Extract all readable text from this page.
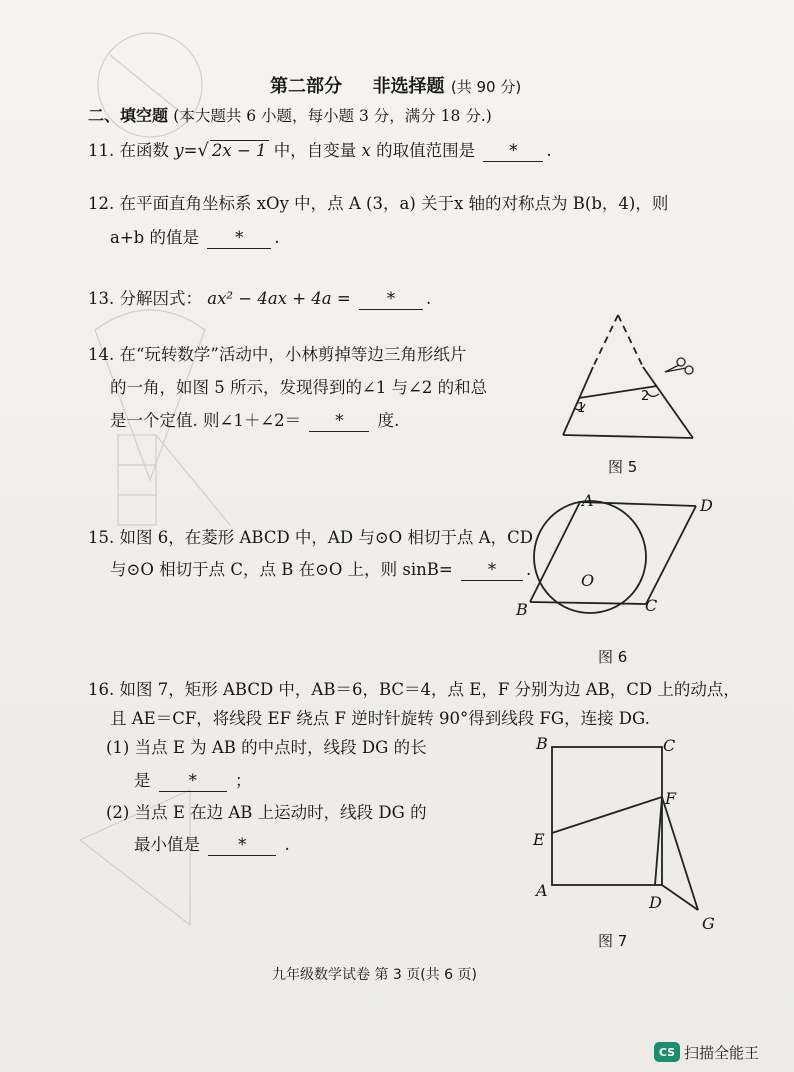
第二部分 非选择题 (共 90 分)
二、填空题 (本大题共 6 小题，每小题 3 分，满分 18 分.)
11. 在函数 y=√ 2x − 1 中，自变量 x 的取值范围是 * .
12. 在平面直角坐标系 xOy 中，点 A (3，a) 关于x 轴的对称点为 B(b，4)，则
a+b 的值是 * .
13. 分解因式： ax² − 4ax + 4a = * .
14. 在“玩转数学”活动中，小林剪掉等边三角形纸片
的一角，如图 5 所示，发现得到的∠1 与∠2 的和总
是一个定值. 则∠1＋∠2＝ * 度.
1
2
图 5
15. 如图 6，在菱形 ABCD 中，AD 与⊙O 相切于点 A，CD
与⊙O 相切于点 C，点 B 在⊙O 上，则 sinB= * .
A	D
O
B	C
图 6
16. 如图 7，矩形 ABCD 中，AB＝6，BC＝4，点 E，F 分别为边 AB，CD 上的动点，
且 AE＝CF，将线段 EF 绕点 F 逆时针旋转 90°得到线段 FG，连接 DG.
(1) 当点 E 为 AB 的中点时，线段 DG 的长
是 * ；
(2) 当点 E 在边 AB 上运动时，线段 DG 的
最小值是 * .
B	C
F
E
A
D
G
图 7
九年级数学试卷 第 3 页(共 6 页)
CS 扫描全能王
